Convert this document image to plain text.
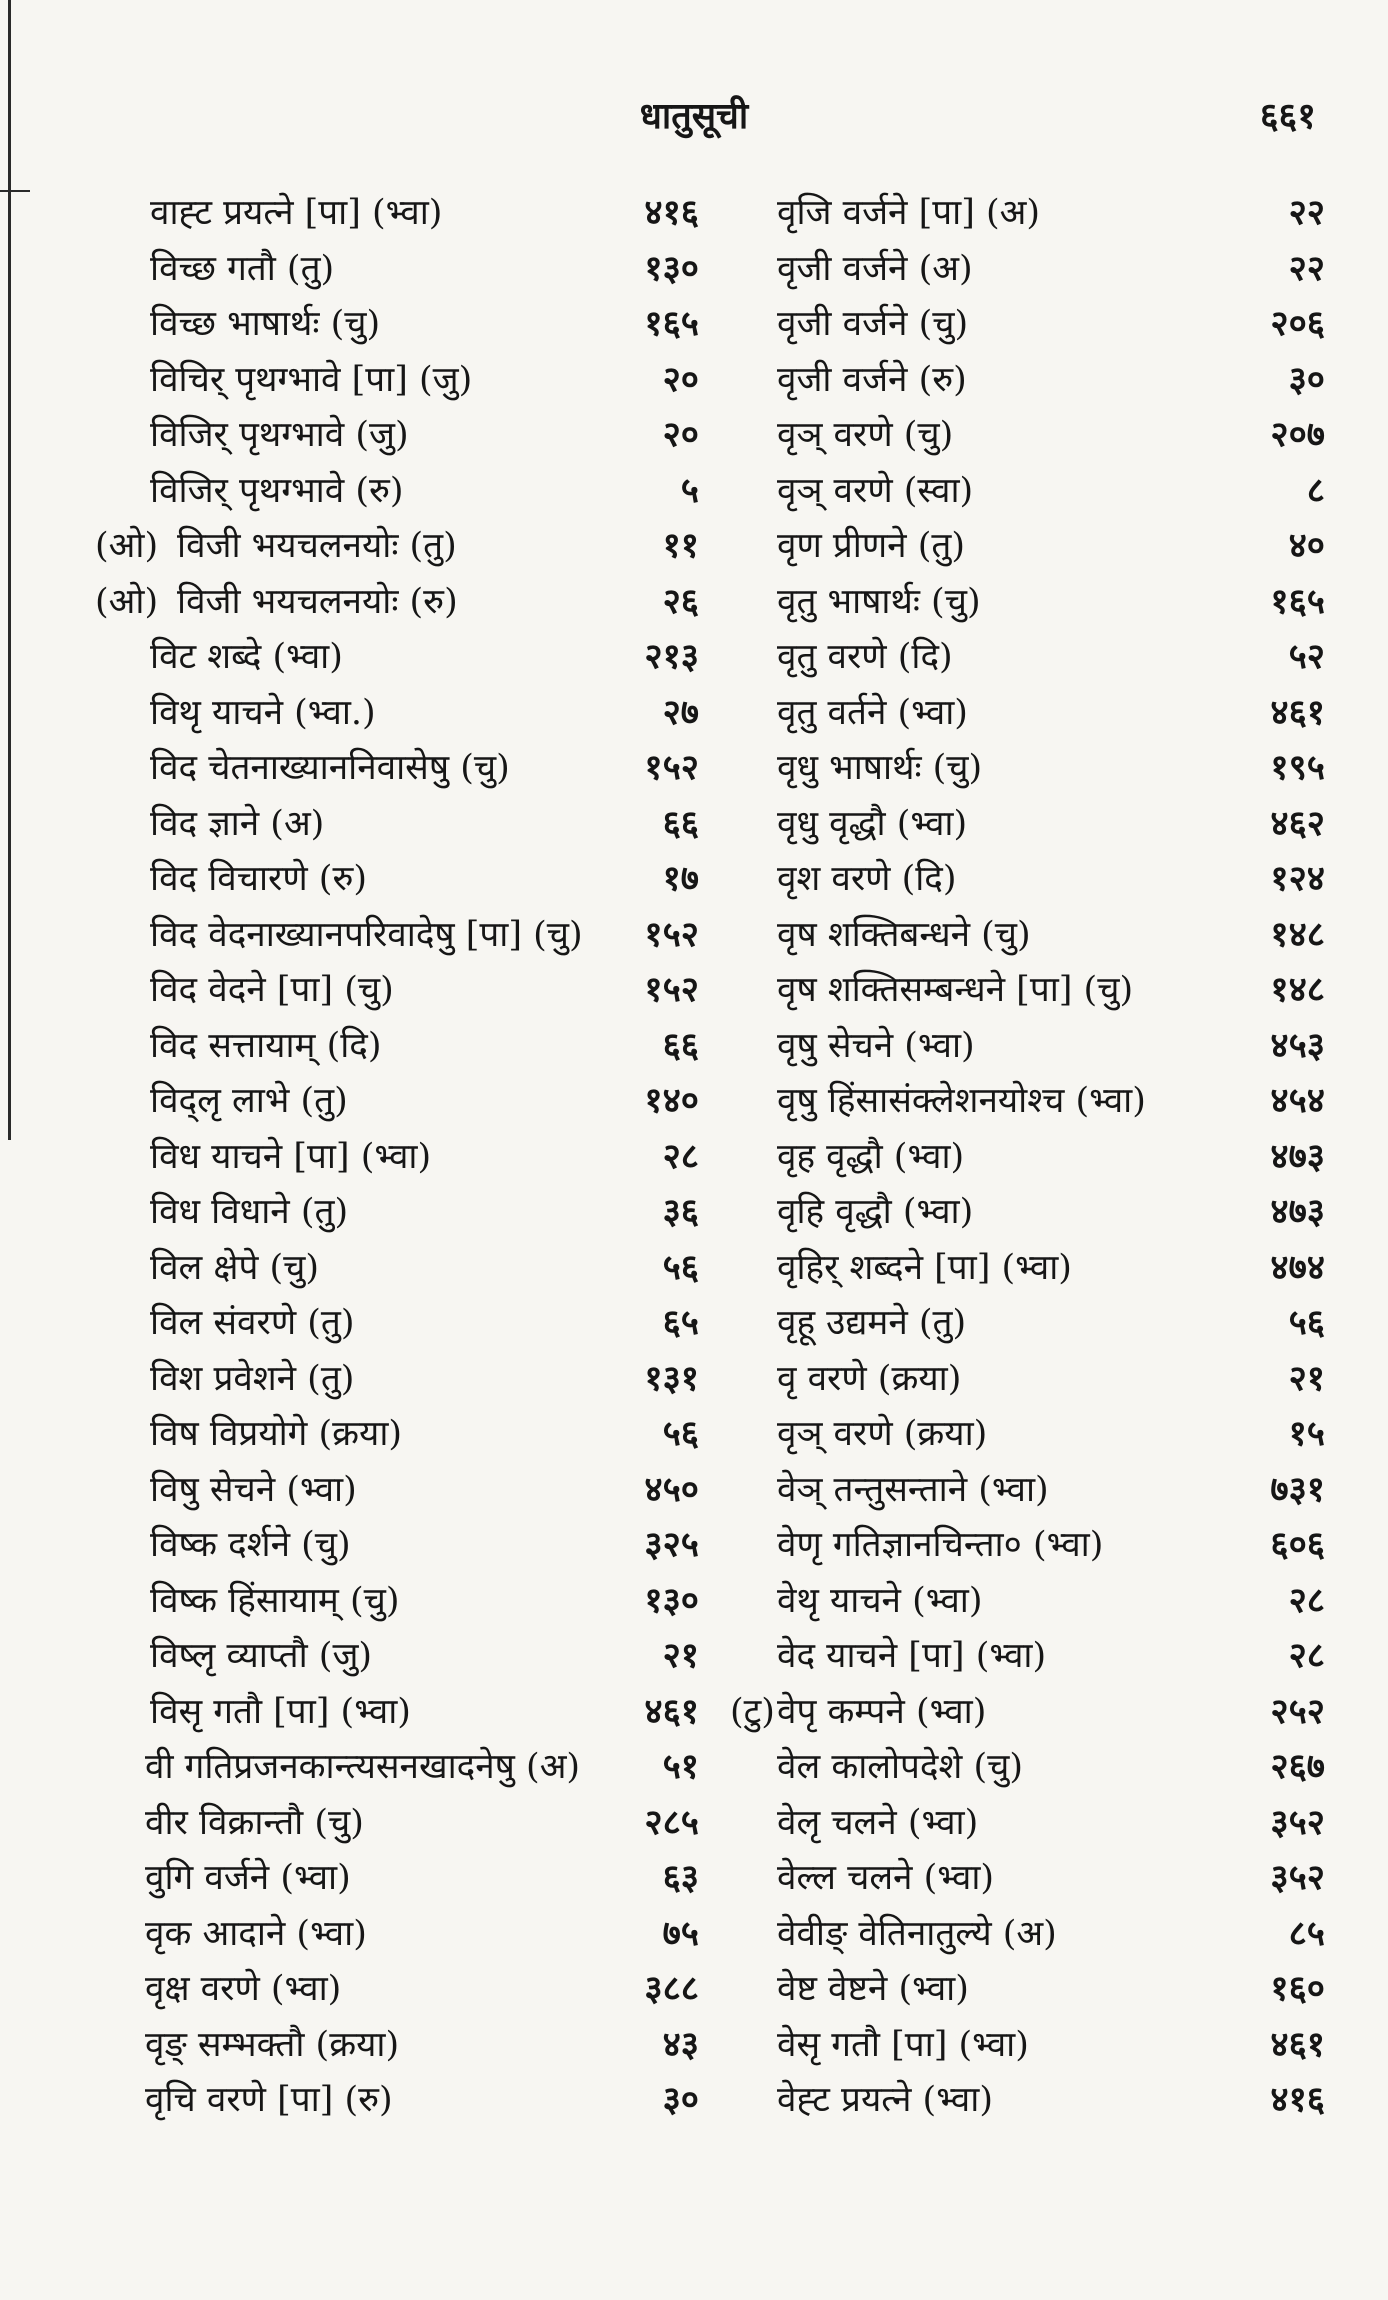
धातुसूची	६६१
वाह्ट प्रयत्ने [पा] (भ्वा)	४१६
विच्छ गतौ (तु)	१३०
विच्छ भाषार्थः (चु)	१६५
विचिर् पृथग्भावे [पा] (जु)	२०
विजिर् पृथग्भावे (जु)	२०
विजिर् पृथग्भावे (रु)	५
(ओ) विजी भयचलनयोः (तु)	११
(ओ) विजी भयचलनयोः (रु)	२६
विट शब्दे (भ्वा)	२१३
विथृ याचने (भ्वा.)	२७
विद चेतनाख्याननिवासेषु (चु)	१५२
विद ज्ञाने (अ)	६६
विद विचारणे (रु)	१७
विद वेदनाख्यानपरिवादेषु [पा] (चु) १५२
विद वेदने [पा] (चु)	१५२
विद सत्तायाम् (दि)	६६
विद्लृ लाभे (तु)	१४०
विध याचने [पा] (भ्वा)	२८
विध विधाने (तु)	३६
विल क्षेपे (चु)	५६
विल संवरणे (तु)	६५
विश प्रवेशने (तु)	१३१
विष विप्रयोगे (क्रया)	५६
विषु सेचने (भ्वा)	४५०
विष्क दर्शने (चु)	३२५
विष्क हिंसायाम् (चु)	१३०
विष्लृ व्याप्तौ (जु)	२१
विसृ गतौ [पा] (भ्वा)	४६१
वी गतिप्रजनकान्त्यसनखादनेषु (अ) ५१
वीर विक्रान्तौ (चु)	२८५
वुगि वर्जने (भ्वा)	६३
वृक आदाने (भ्वा)	७५
वृक्ष वरणे (भ्वा)	३८८
वृङ् सम्भक्तौ (क्रया)	४३
वृचि वरणे [पा] (रु)	३०
वृजि वर्जने [पा] (अ)	२२
वृजी वर्जने (अ)	२२
वृजी वर्जने (चु)	२०६
वृजी वर्जने (रु)	३०
वृञ् वरणे (चु)	२०७
वृञ् वरणे (स्वा)	८
वृण प्रीणने (तु)	४०
वृतु भाषार्थः (चु)	१६५
वृतु वरणे (दि)	५२
वृतु वर्तने (भ्वा)	४६१
वृधु भाषार्थः (चु)	१९५
वृधु वृद्धौ (भ्वा)	४६२
वृश वरणे (दि)	१२४
वृष शक्तिबन्धने (चु)	१४८
वृष शक्तिसम्बन्धने [पा] (चु)	१४८
वृषु सेचने (भ्वा)	४५३
वृषु हिंसासंक्लेशनयोश्च (भ्वा)	४५४
वृह वृद्धौ (भ्वा)	४७३
वृहि वृद्धौ (भ्वा)	४७३
वृहिर् शब्दने [पा] (भ्वा)	४७४
वृहू उद्यमने (तु)	५६
वृ वरणे (क्रया)	२१
वृञ् वरणे (क्रया)	१५
वेञ् तन्तुसन्ताने (भ्वा)	७३१
वेणृ गतिज्ञानचिन्ता० (भ्वा)	६०६
वेथृ याचने (भ्वा)	२८
वेद याचने [पा] (भ्वा)	२८
(टु) वेपृ कम्पने (भ्वा)	२५२
वेल कालोपदेशे (चु)	२६७
वेलृ चलने (भ्वा)	३५२
वेल्ल चलने (भ्वा)	३५२
वेवीङ् वेतिनातुल्ये (अ)	८५
वेष्ट वेष्टने (भ्वा)	१६०
वेसृ गतौ [पा] (भ्वा)	४६१
वेह्ट प्रयत्ने (भ्वा)	४१६
